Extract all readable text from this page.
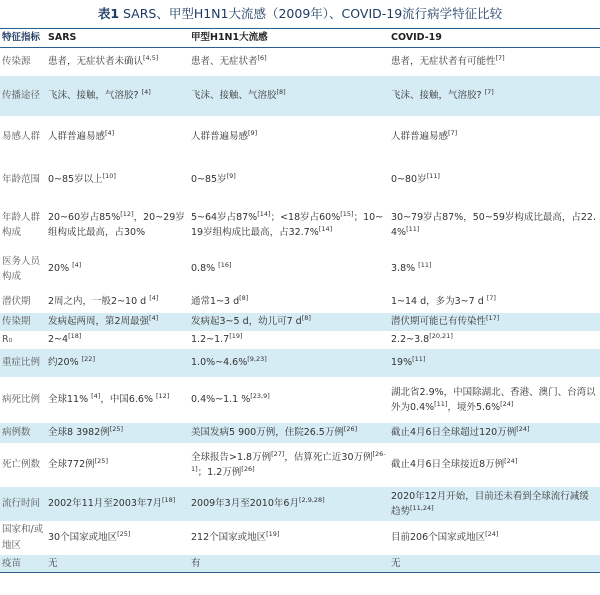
表1 SARS、甲型H1N1大流感（2009年）、COVID-19流行病学特征比较
特征指标	SARS	甲型H1N1大流感	COVID-19
传染源	患者，无症状者未确认[4,5]	患者、无症状者[6]	患者，无症状者有可能性[7]
传播途径	飞沫、接触，气溶胶? [4]	飞沫、接触、气溶胶[8]	飞沫、接触，气溶胶? [7]
易感人群	人群普遍易感[4]	人群普遍易感[9]	人群普遍易感[7]
年龄范围	0~85岁以上[10]	0~85岁[9]	0~80岁[11]
年龄人群构成	20~60岁占85%[12]，20~29岁组构成比最高，占30%	5~64岁占87%[14]；<18岁占60%[15]；10~19岁组构成比最高，占32.7%[14]	30~79岁占87%，50~59岁构成比最高，占22.4%[11]
医务人员构成	20% [4]	0.8% [16]	3.8% [11]
潜伏期	2周之内，一般2~10 d [4]	通常1~3 d[8]	1~14 d，多为3~7 d [7]
传染期	发病起两周，第2周最强[4]	发病起3~5 d，幼儿可7 d[8]	潜伏期可能已有传染性[17]
R₀	2~4[18]	1.2~1.7[19]	2.2~3.8[20,21]
重症比例	约20% [22]	1.0%~4.6%[9,23]	19%[11]
病死比例	全球11% [4]，中国6.6% [12]	0.4%~1.1 %[23,9]	湖北省2.9%，中国除湖北、香港、澳门、台湾以外为0.4%[11]，境外5.6%[24]
病例数	全球8 3982例[25]	美国发病5 900万例，住院26.5万例[26]	截止4月6日全球超过120万例[24]
死亡例数	全球772例[25]	全球报告>1.8万例[27]，估算死亡近30万例[26-1]；1.2万例[26]	截止4月6日全球接近8万例[24]
流行时间	2002年11月至2003年7月[18]	2009年3月至2010年6月[2,9,28]	2020年12月开始，目前还未看到全球流行减缓趋势[11,24]
国家和/或地区	30个国家或地区[25]	212个国家或地区[19]	目前206个国家或地区[24]
疫苗	无	有	无
